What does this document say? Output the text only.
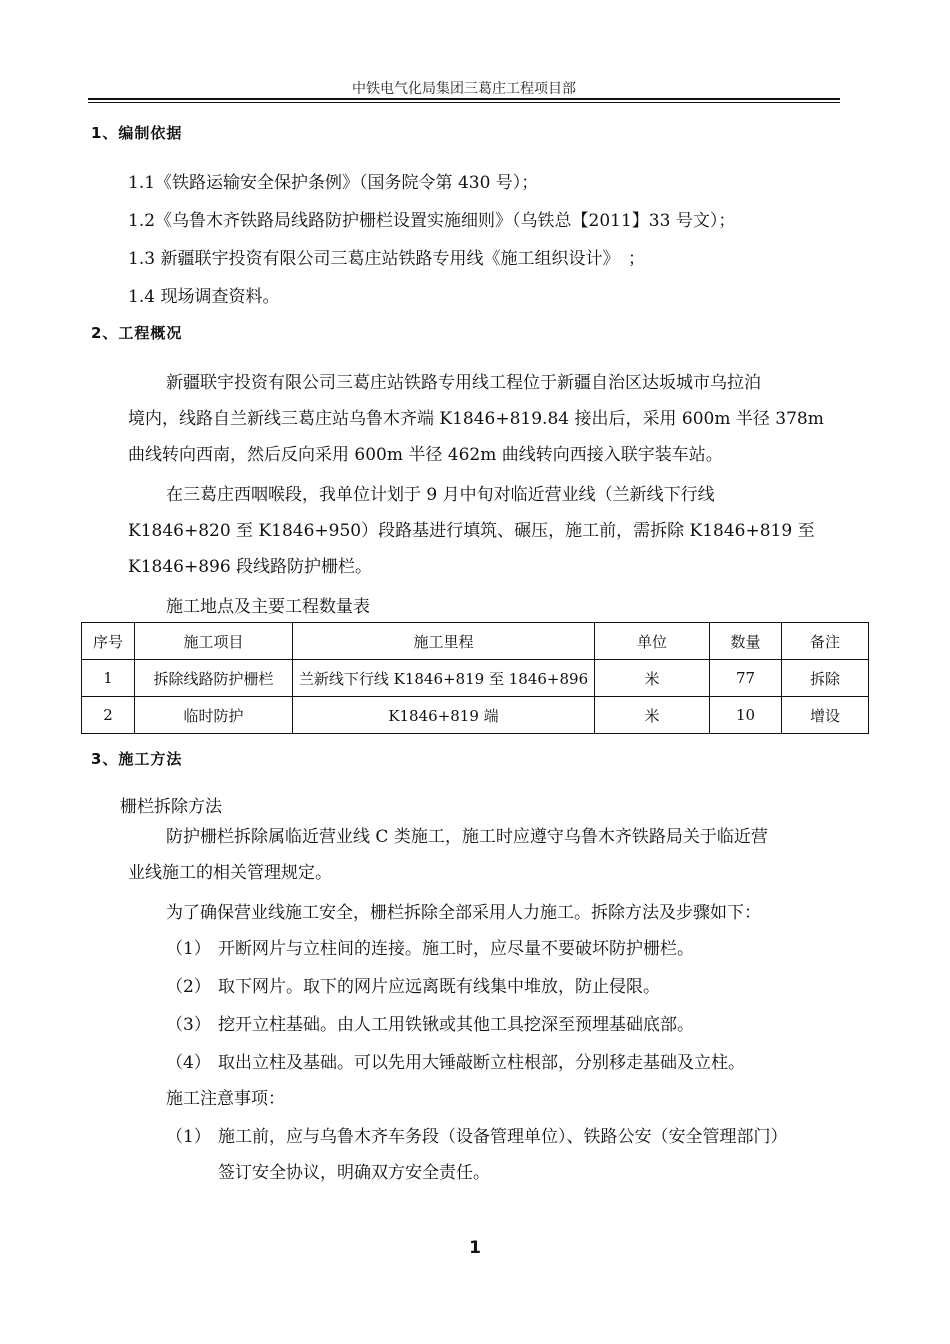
中铁电气化局集团三葛庄工程项目部
1、编制依据
1.1《铁路运输安全保护条例》（国务院令第 430 号）；
1.2《乌鲁木齐铁路局线路防护栅栏设置实施细则》（乌铁总【2011】33 号文）；
1.3 新疆联宇投资有限公司三葛庄站铁路专用线《施工组织设计》　；
1.4 现场调查资料。
2、工程概况
新疆联宇投资有限公司三葛庄站铁路专用线工程位于新疆自治区达坂城市乌拉泊
境内，线路自兰新线三葛庄站乌鲁木齐端 K1846+819.84 接出后，采用 600m 半径 378m
曲线转向西南，然后反向采用 600m 半径 462m 曲线转向西接入联宇装车站。
在三葛庄西咽喉段，我单位计划于 9 月中旬对临近营业线（兰新线下行线
K1846+820 至 K1846+950）段路基进行填筑、碾压，施工前，需拆除 K1846+819 至
K1846+896 段线路防护栅栏。
施工地点及主要工程数量表
序号	施工项目	施工里程	单位	数量	备注
1	拆除线路防护栅栏	兰新线下行线 K1846+819 至 1846+896	米	77	拆除
2	临时防护	K1846+819 端	米	10	增设
3、施工方法
栅栏拆除方法
防护栅栏拆除属临近营业线 C 类施工，施工时应遵守乌鲁木齐铁路局关于临近营
业线施工的相关管理规定。
为了确保营业线施工安全，栅栏拆除全部采用人力施工。拆除方法及步骤如下：
（1） 开断网片与立柱间的连接。施工时，应尽量不要破坏防护栅栏。
（2） 取下网片。取下的网片应远离既有线集中堆放，防止侵限。
（3） 挖开立柱基础。由人工用铁锹或其他工具挖深至预埋基础底部。
（4） 取出立柱及基础。可以先用大锤敲断立柱根部，分别移走基础及立柱。
施工注意事项：
（1） 施工前，应与乌鲁木齐车务段（设备管理单位）、铁路公安（安全管理部门）
签订安全协议，明确双方安全责任。
1
